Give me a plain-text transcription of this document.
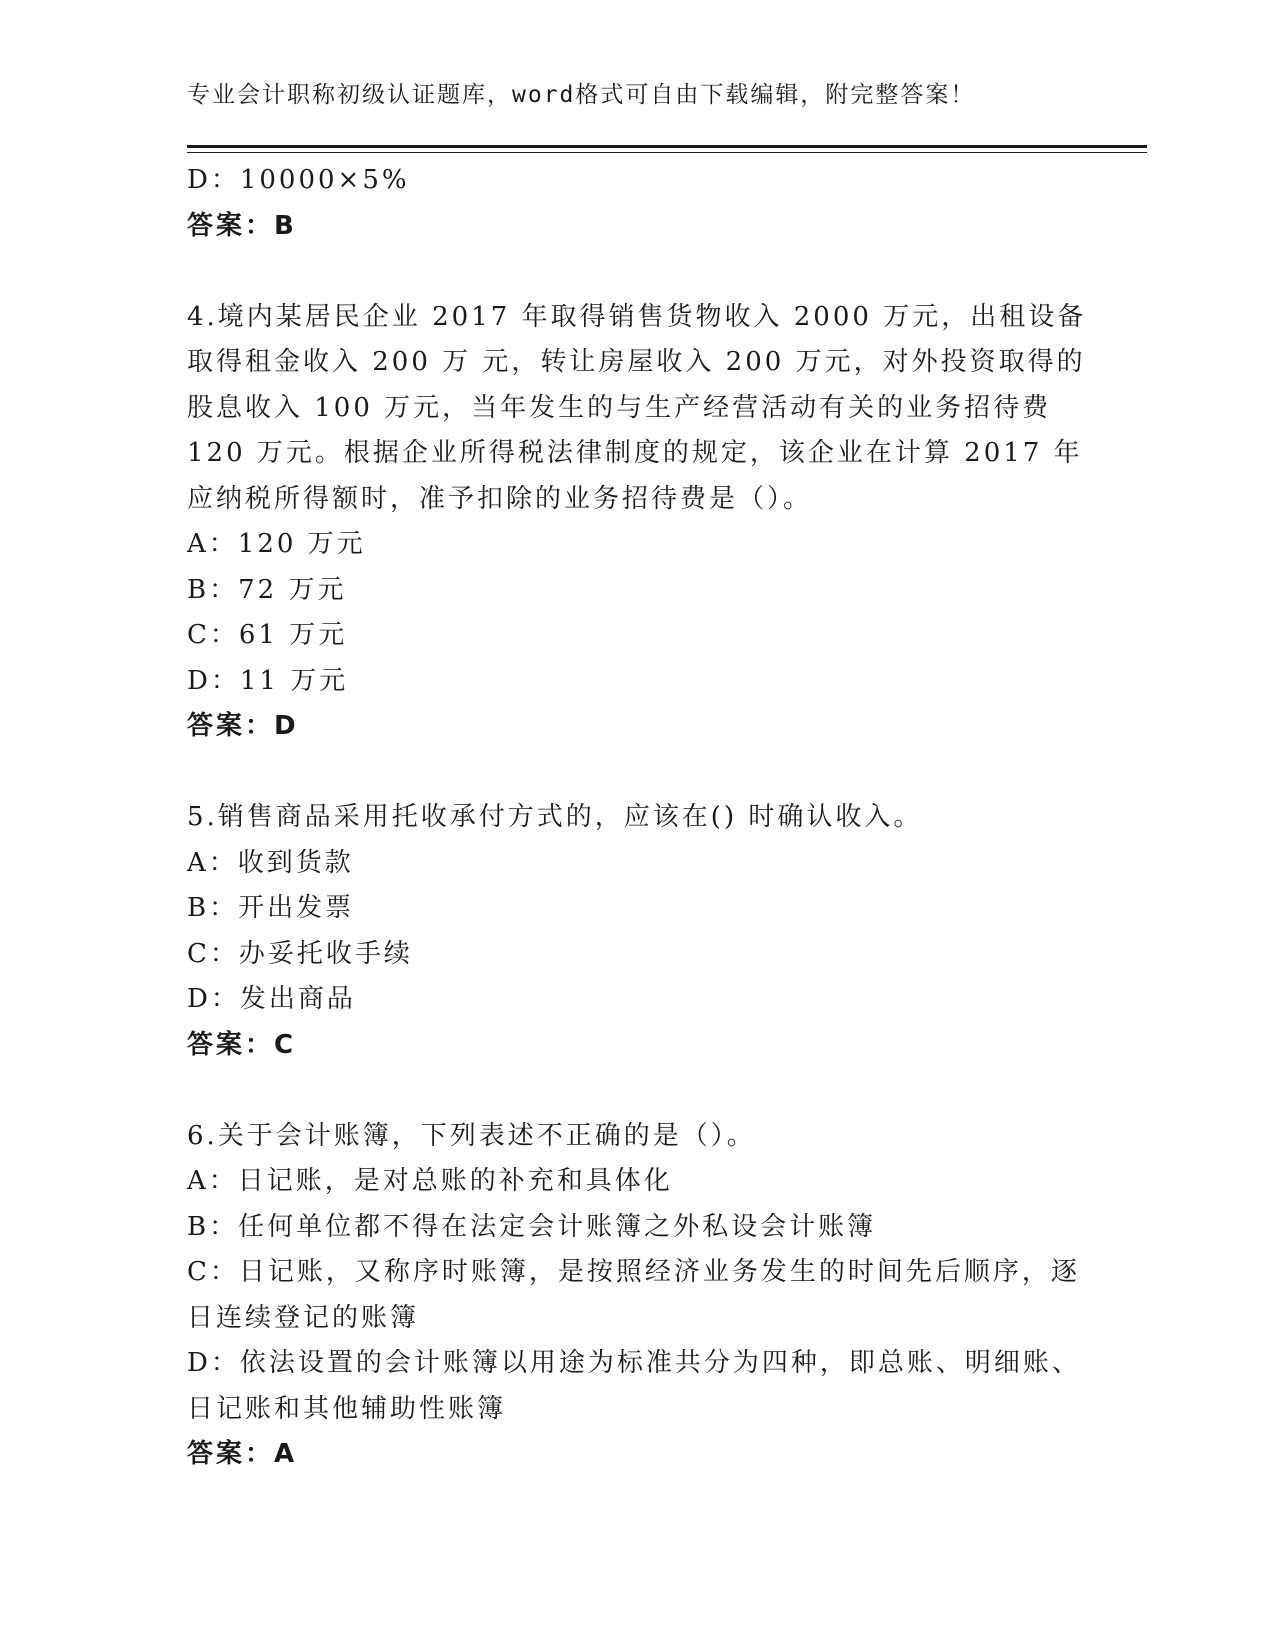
专业会计职称初级认证题库，word格式可自由下载编辑，附完整答案！
D：10000×5%
答案：B
4.境内某居民企业 2017 年取得销售货物收入 2000 万元，出租设备
取得租金收入 200 万 元，转让房屋收入 200 万元，对外投资取得的
股息收入 100 万元，当年发生的与生产经营活动有关的业务招待费
120 万元。根据企业所得税法律制度的规定，该企业在计算 2017 年
应纳税所得额时，准予扣除的业务招待费是（）。
A：120 万元
B：72 万元
C：61 万元
D：11 万元
答案：D
5.销售商品采用托收承付方式的，应该在() 时确认收入。
A：收到货款
B：开出发票
C：办妥托收手续
D：发出商品
答案：C
6.关于会计账簿，下列表述不正确的是（）。
A：日记账，是对总账的补充和具体化
B：任何单位都不得在法定会计账簿之外私设会计账簿
C：日记账，又称序时账簿，是按照经济业务发生的时间先后顺序，逐
日连续登记的账簿
D：依法设置的会计账簿以用途为标准共分为四种，即总账、明细账、
日记账和其他辅助性账簿
答案：A
